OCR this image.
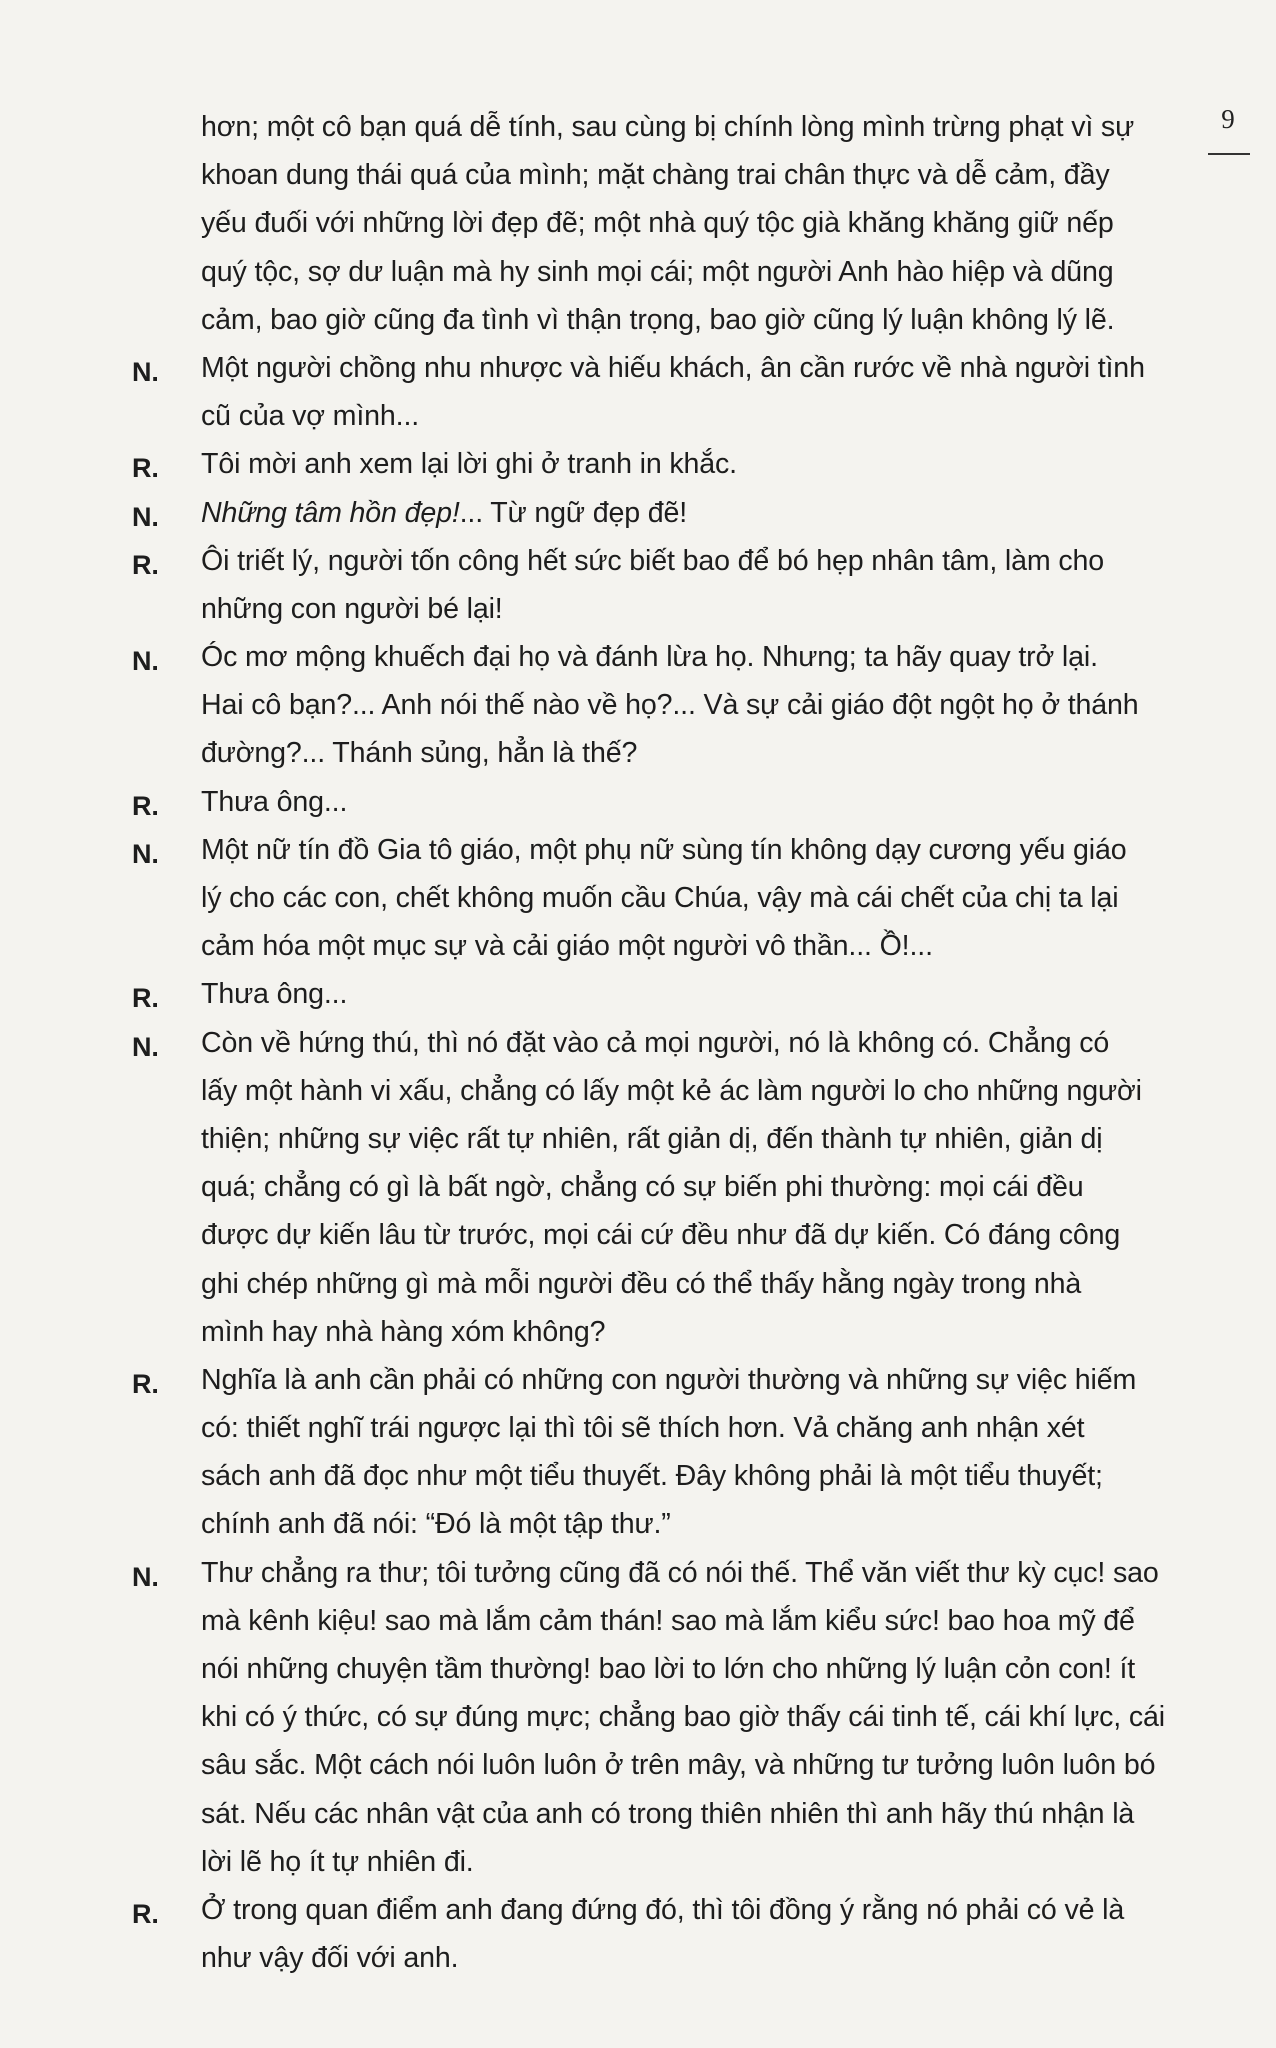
9
hơn; một cô bạn quá dễ tính, sau cùng bị chính lòng mình trừng phạt vì sự
khoan dung thái quá của mình; mặt chàng trai chân thực và dễ cảm, đầy
yếu đuối với những lời đẹp đẽ; một nhà quý tộc già khăng khăng giữ nếp
quý tộc, sợ dư luận mà hy sinh mọi cái; một người Anh hào hiệp và dũng
cảm, bao giờ cũng đa tình vì thận trọng, bao giờ cũng lý luận không lý lẽ.
N. Một người chồng nhu nhược và hiếu khách, ân cần rước về nhà người tình
cũ của vợ mình...
R. Tôi mời anh xem lại lời ghi ở tranh in khắc.
N. Những tâm hồn đẹp!... Từ ngữ đẹp đẽ!
R. Ôi triết lý, người tốn công hết sức biết bao để bó hẹp nhân tâm, làm cho
những con người bé lại!
N. Óc mơ mộng khuếch đại họ và đánh lừa họ. Nhưng; ta hãy quay trở lại.
Hai cô bạn?... Anh nói thế nào về họ?... Và sự cải giáo đột ngột họ ở thánh
đường?... Thánh sủng, hẳn là thế?
R. Thưa ông...
N. Một nữ tín đồ Gia tô giáo, một phụ nữ sùng tín không dạy cương yếu giáo
lý cho các con, chết không muốn cầu Chúa, vậy mà cái chết của chị ta lại
cảm hóa một mục sự và cải giáo một người vô thần... Ồ!...
R. Thưa ông...
N. Còn về hứng thú, thì nó đặt vào cả mọi người, nó là không có. Chẳng có
lấy một hành vi xấu, chẳng có lấy một kẻ ác làm người lo cho những người
thiện; những sự việc rất tự nhiên, rất giản dị, đến thành tự nhiên, giản dị
quá; chẳng có gì là bất ngờ, chẳng có sự biến phi thường: mọi cái đều
được dự kiến lâu từ trước, mọi cái cứ đều như đã dự kiến. Có đáng công
ghi chép những gì mà mỗi người đều có thể thấy hằng ngày trong nhà
mình hay nhà hàng xóm không?
R. Nghĩa là anh cần phải có những con người thường và những sự việc hiếm
có: thiết nghĩ trái ngược lại thì tôi sẽ thích hơn. Vả chăng anh nhận xét
sách anh đã đọc như một tiểu thuyết. Đây không phải là một tiểu thuyết;
chính anh đã nói: “Đó là một tập thư.”
N. Thư chẳng ra thư; tôi tưởng cũng đã có nói thế. Thể văn viết thư kỳ cục! sao
mà kênh kiệu! sao mà lắm cảm thán! sao mà lắm kiểu sức! bao hoa mỹ để
nói những chuyện tầm thường! bao lời to lớn cho những lý luận cỏn con! ít
khi có ý thức, có sự đúng mực; chẳng bao giờ thấy cái tinh tế, cái khí lực, cái
sâu sắc. Một cách nói luôn luôn ở trên mây, và những tư tưởng luôn luôn bó
sát. Nếu các nhân vật của anh có trong thiên nhiên thì anh hãy thú nhận là
lời lẽ họ ít tự nhiên đi.
R. Ở trong quan điểm anh đang đứng đó, thì tôi đồng ý rằng nó phải có vẻ là
như vậy đối với anh.
